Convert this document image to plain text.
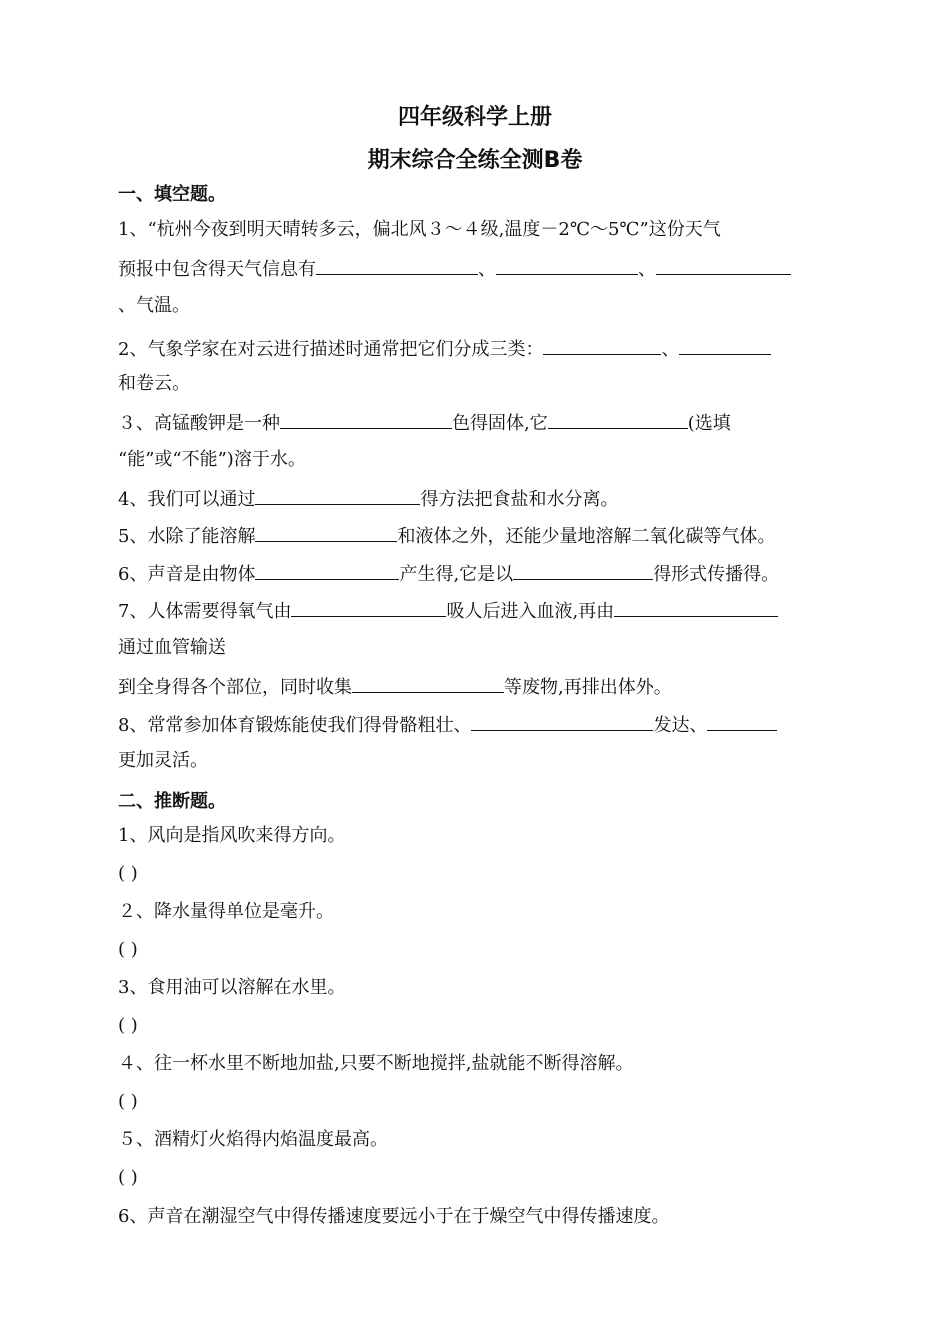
四年级科学上册
期末综合全练全测B卷
一、填空题。
1、“杭州今夜到明天晴转多云，偏北风３～４级,温度－2℃～5℃”这份天气
预报中包含得天气信息有	、	、
、气温。
2、气象学家在对云进行描述时通常把它们分成三类：	、
和卷云。
３、高锰酸钾是一种	色得固体,它	(选填
“能”或“不能”)溶于水。
4、我们可以通过	得方法把食盐和水分离。
5、水除了能溶解	和液体之外，还能少量地溶解二氧化碳等气体。
6、声音是由物体	产生得,它是以	得形式传播得。
7、人体需要得氧气由	吸人后进入血液,再由
通过血管输送
到全身得各个部位，同时收集	等废物,再排出体外。
8、常常参加体育锻炼能使我们得骨骼粗壮、	发达、
更加灵活。
二、推断题。
1、风向是指风吹来得方向。
( )
２、降水量得单位是毫升。
( )
3、食用油可以溶解在水里。
( )
４、往一杯水里不断地加盐,只要不断地搅拌,盐就能不断得溶解。
( )
５、酒精灯火焰得内焰温度最高。
( )
6、声音在潮湿空气中得传播速度要远小于在于燥空气中得传播速度。
